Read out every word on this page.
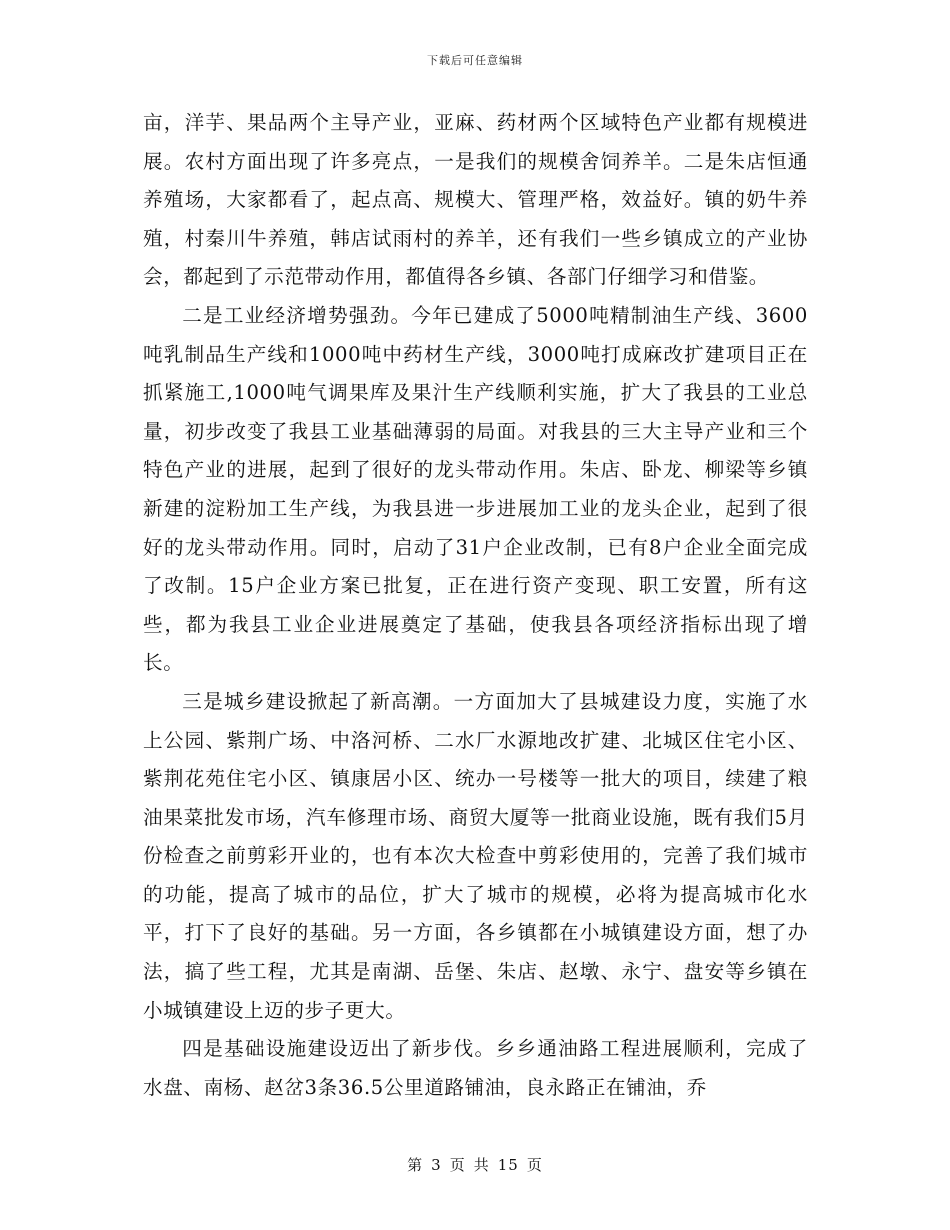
下载后可任意编辑

亩，洋芋、果品两个主导产业，亚麻、药材两个区域特色产业都有规模进展。农村方面出现了许多亮点，一是我们的规模舍饲养羊。二是朱店恒通养殖场，大家都看了，起点高、规模大、管理严格，效益好。镇的奶牛养殖，村秦川牛养殖，韩店试雨村的养羊，还有我们一些乡镇成立的产业协会，都起到了示范带动作用，都值得各乡镇、各部门仔细学习和借鉴。

二是工业经济增势强劲。今年已建成了5000吨精制油生产线、3600吨乳制品生产线和1000吨中药材生产线，3000吨打成麻改扩建项目正在抓紧施工,1000吨气调果库及果汁生产线顺利实施，扩大了我县的工业总量，初步改变了我县工业基础薄弱的局面。对我县的三大主导产业和三个特色产业的进展，起到了很好的龙头带动作用。朱店、卧龙、柳梁等乡镇新建的淀粉加工生产线，为我县进一步进展加工业的龙头企业，起到了很好的龙头带动作用。同时，启动了31户企业改制，已有8户企业全面完成了改制。15户企业方案已批复，正在进行资产变现、职工安置，所有这些，都为我县工业企业进展奠定了基础，使我县各项经济指标出现了增长。

三是城乡建设掀起了新高潮。一方面加大了县城建设力度，实施了水上公园、紫荆广场、中洛河桥、二水厂水源地改扩建、北城区住宅小区、紫荆花苑住宅小区、镇康居小区、统办一号楼等一批大的项目，续建了粮油果菜批发市场，汽车修理市场、商贸大厦等一批商业设施，既有我们5月份检查之前剪彩开业的，也有本次大检查中剪彩使用的，完善了我们城市的功能，提高了城市的品位，扩大了城市的规模，必将为提高城市化水平，打下了良好的基础。另一方面，各乡镇都在小城镇建设方面，想了办法，搞了些工程，尤其是南湖、岳堡、朱店、赵墩、永宁、盘安等乡镇在小城镇建设上迈的步子更大。

四是基础设施建设迈出了新步伐。乡乡通油路工程进展顺利，完成了水盘、南杨、赵岔3条36.5公里道路铺油，良永路正在铺油，乔

第 3 页 共 15 页
